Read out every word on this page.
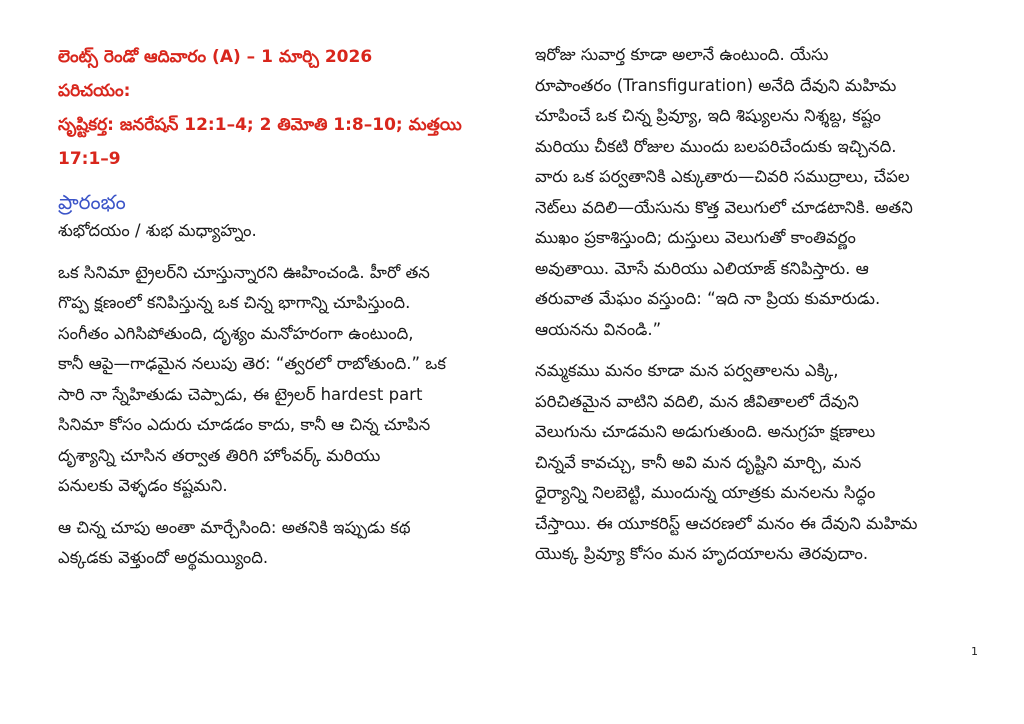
లెంట్స్ రెండో ఆదివారం (A) – 1 మార్చి 2026
పరిచయం:
సృష్టికర్త: జనరేషన్ 12:1–4; 2 తిమోతి 1:8–10; మత్తయి
17:1–9
ప్రారంభం

శుభోదయం / శుభ మధ్యాహ్నం.

ఒక సినిమా ట్రైలర్‌ని చూస్తున్నారని ఊహించండి. హీరో తన
గొప్ప క్షణంలో కనిపిస్తున్న ఒక చిన్న భాగాన్ని చూపిస్తుంది.
సంగీతం ఎగిసిపోతుంది, దృశ్యం మనోహరంగా ఉంటుంది,
కానీ ఆపై—గాఢమైన నలుపు తెర: “త్వరలో రాబోతుంది.” ఒక
సారి నా స్నేహితుడు చెప్పాడు, ఈ ట్రైలర్ hardest part
సినిమా కోసం ఎదురు చూడడం కాదు, కానీ ఆ చిన్న చూపిన
దృశ్యాన్ని చూసిన తర్వాత తిరిగి హోంవర్క్ మరియు
పనులకు వెళ్ళడం కష్టమని.

ఆ చిన్న చూపు అంతా మార్చేసింది: అతనికి ఇప్పుడు కథ
ఎక్కడకు వెళ్తుందో అర్థమయ్యింది.

ఇరోజు సువార్త కూడా అలానే ఉంటుంది. యేసు
రూపాంతరం (Transfiguration) అనేది దేవుని మహిమ
చూపించే ఒక చిన్న ప్రివ్యూ, ఇది శిష్యులను నిశ్శబ్ద, కష్టం
మరియు చీకటి రోజుల ముందు బలపరిచేందుకు ఇచ్చినది.
వారు ఒక పర్వతానికి ఎక్కుతారు—చివరి సముద్రాలు, చేపల
నెట్‌లు వదిలి—యేసును కొత్త వెలుగులో చూడటానికి. అతని
ముఖం ప్రకాశిస్తుంది; దుస్తులు వెలుగుతో కాంతివర్ణం
అవుతాయి. మోసే మరియు ఎలియాజ్ కనిపిస్తారు. ఆ
తరువాత మేఘం వస్తుంది: “ఇది నా ప్రియ కుమారుడు.
ఆయనను వినండి.”

నమ్మకము మనం కూడా మన పర్వతాలను ఎక్కి,
పరిచితమైన వాటిని వదిలి, మన జీవితాలలో దేవుని
వెలుగును చూడమని అడుగుతుంది. అనుగ్రహ క్షణాలు
చిన్నవే కావచ్చు, కానీ అవి మన దృష్టిని మార్చి, మన
ధైర్యాన్ని నిలబెట్టి, ముందున్న యాత్రకు మనలను సిద్ధం
చేస్తాయి. ఈ యూకరిస్ట్ ఆచరణలో మనం ఈ దేవుని మహిమ
యొక్క ప్రివ్యూ కోసం మన హృదయాలను తెరవుదాం.

1
